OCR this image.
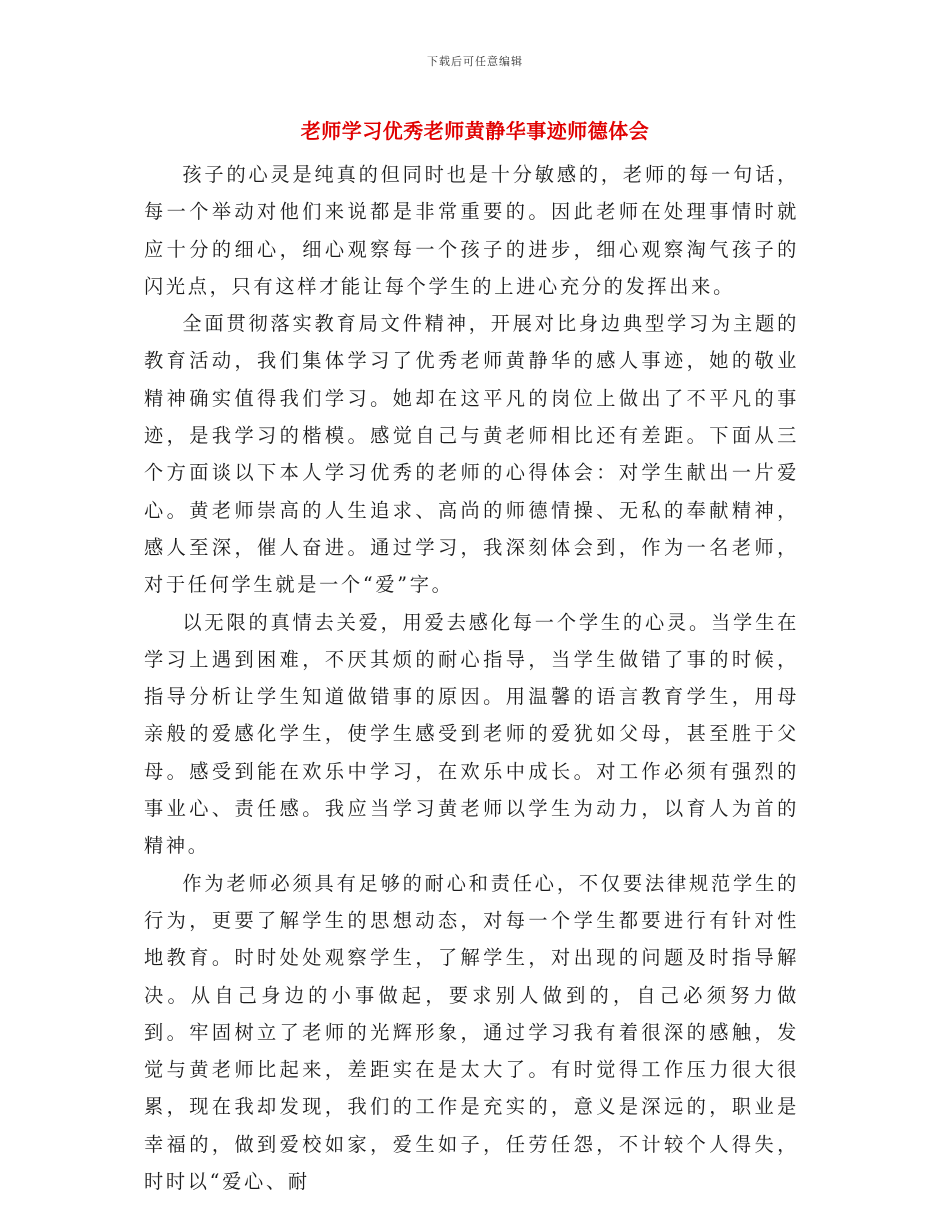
下载后可任意编辑
老师学习优秀老师黄静华事迹师德体会

孩子的心灵是纯真的但同时也是十分敏感的，老师的每一句话，每一个举动对他们来说都是非常重要的。因此老师在处理事情时就应十分的细心，细心观察每一个孩子的进步，细心观察淘气孩子的闪光点，只有这样才能让每个学生的上进心充分的发挥出来。

全面贯彻落实教育局文件精神，开展对比身边典型学习为主题的教育活动，我们集体学习了优秀老师黄静华的感人事迹，她的敬业精神确实值得我们学习。她却在这平凡的岗位上做出了不平凡的事迹，是我学习的楷模。感觉自己与黄老师相比还有差距。下面从三个方面谈以下本人学习优秀的老师的心得体会：对学生献出一片爱心。黄老师崇高的人生追求、高尚的师德情操、无私的奉献精神，感人至深，催人奋进。通过学习，我深刻体会到，作为一名老师，对于任何学生就是一个“爱”字。

以无限的真情去关爱，用爱去感化每一个学生的心灵。当学生在学习上遇到困难，不厌其烦的耐心指导，当学生做错了事的时候，指导分析让学生知道做错事的原因。用温馨的语言教育学生，用母亲般的爱感化学生，使学生感受到老师的爱犹如父母，甚至胜于父母。感受到能在欢乐中学习，在欢乐中成长。对工作必须有强烈的事业心、责任感。我应当学习黄老师以学生为动力，以育人为首的精神。

作为老师必须具有足够的耐心和责任心，不仅要法律规范学生的行为，更要了解学生的思想动态，对每一个学生都要进行有针对性地教育。时时处处观察学生，了解学生，对出现的问题及时指导解决。从自己身边的小事做起，要求别人做到的，自己必须努力做到。牢固树立了老师的光辉形象，通过学习我有着很深的感触，发觉与黄老师比起来，差距实在是太大了。有时觉得工作压力很大很累，现在我却发现，我们的工作是充实的，意义是深远的，职业是幸福的，做到爱校如家，爱生如子，任劳任怨，不计较个人得失，时时以“爱心、耐
